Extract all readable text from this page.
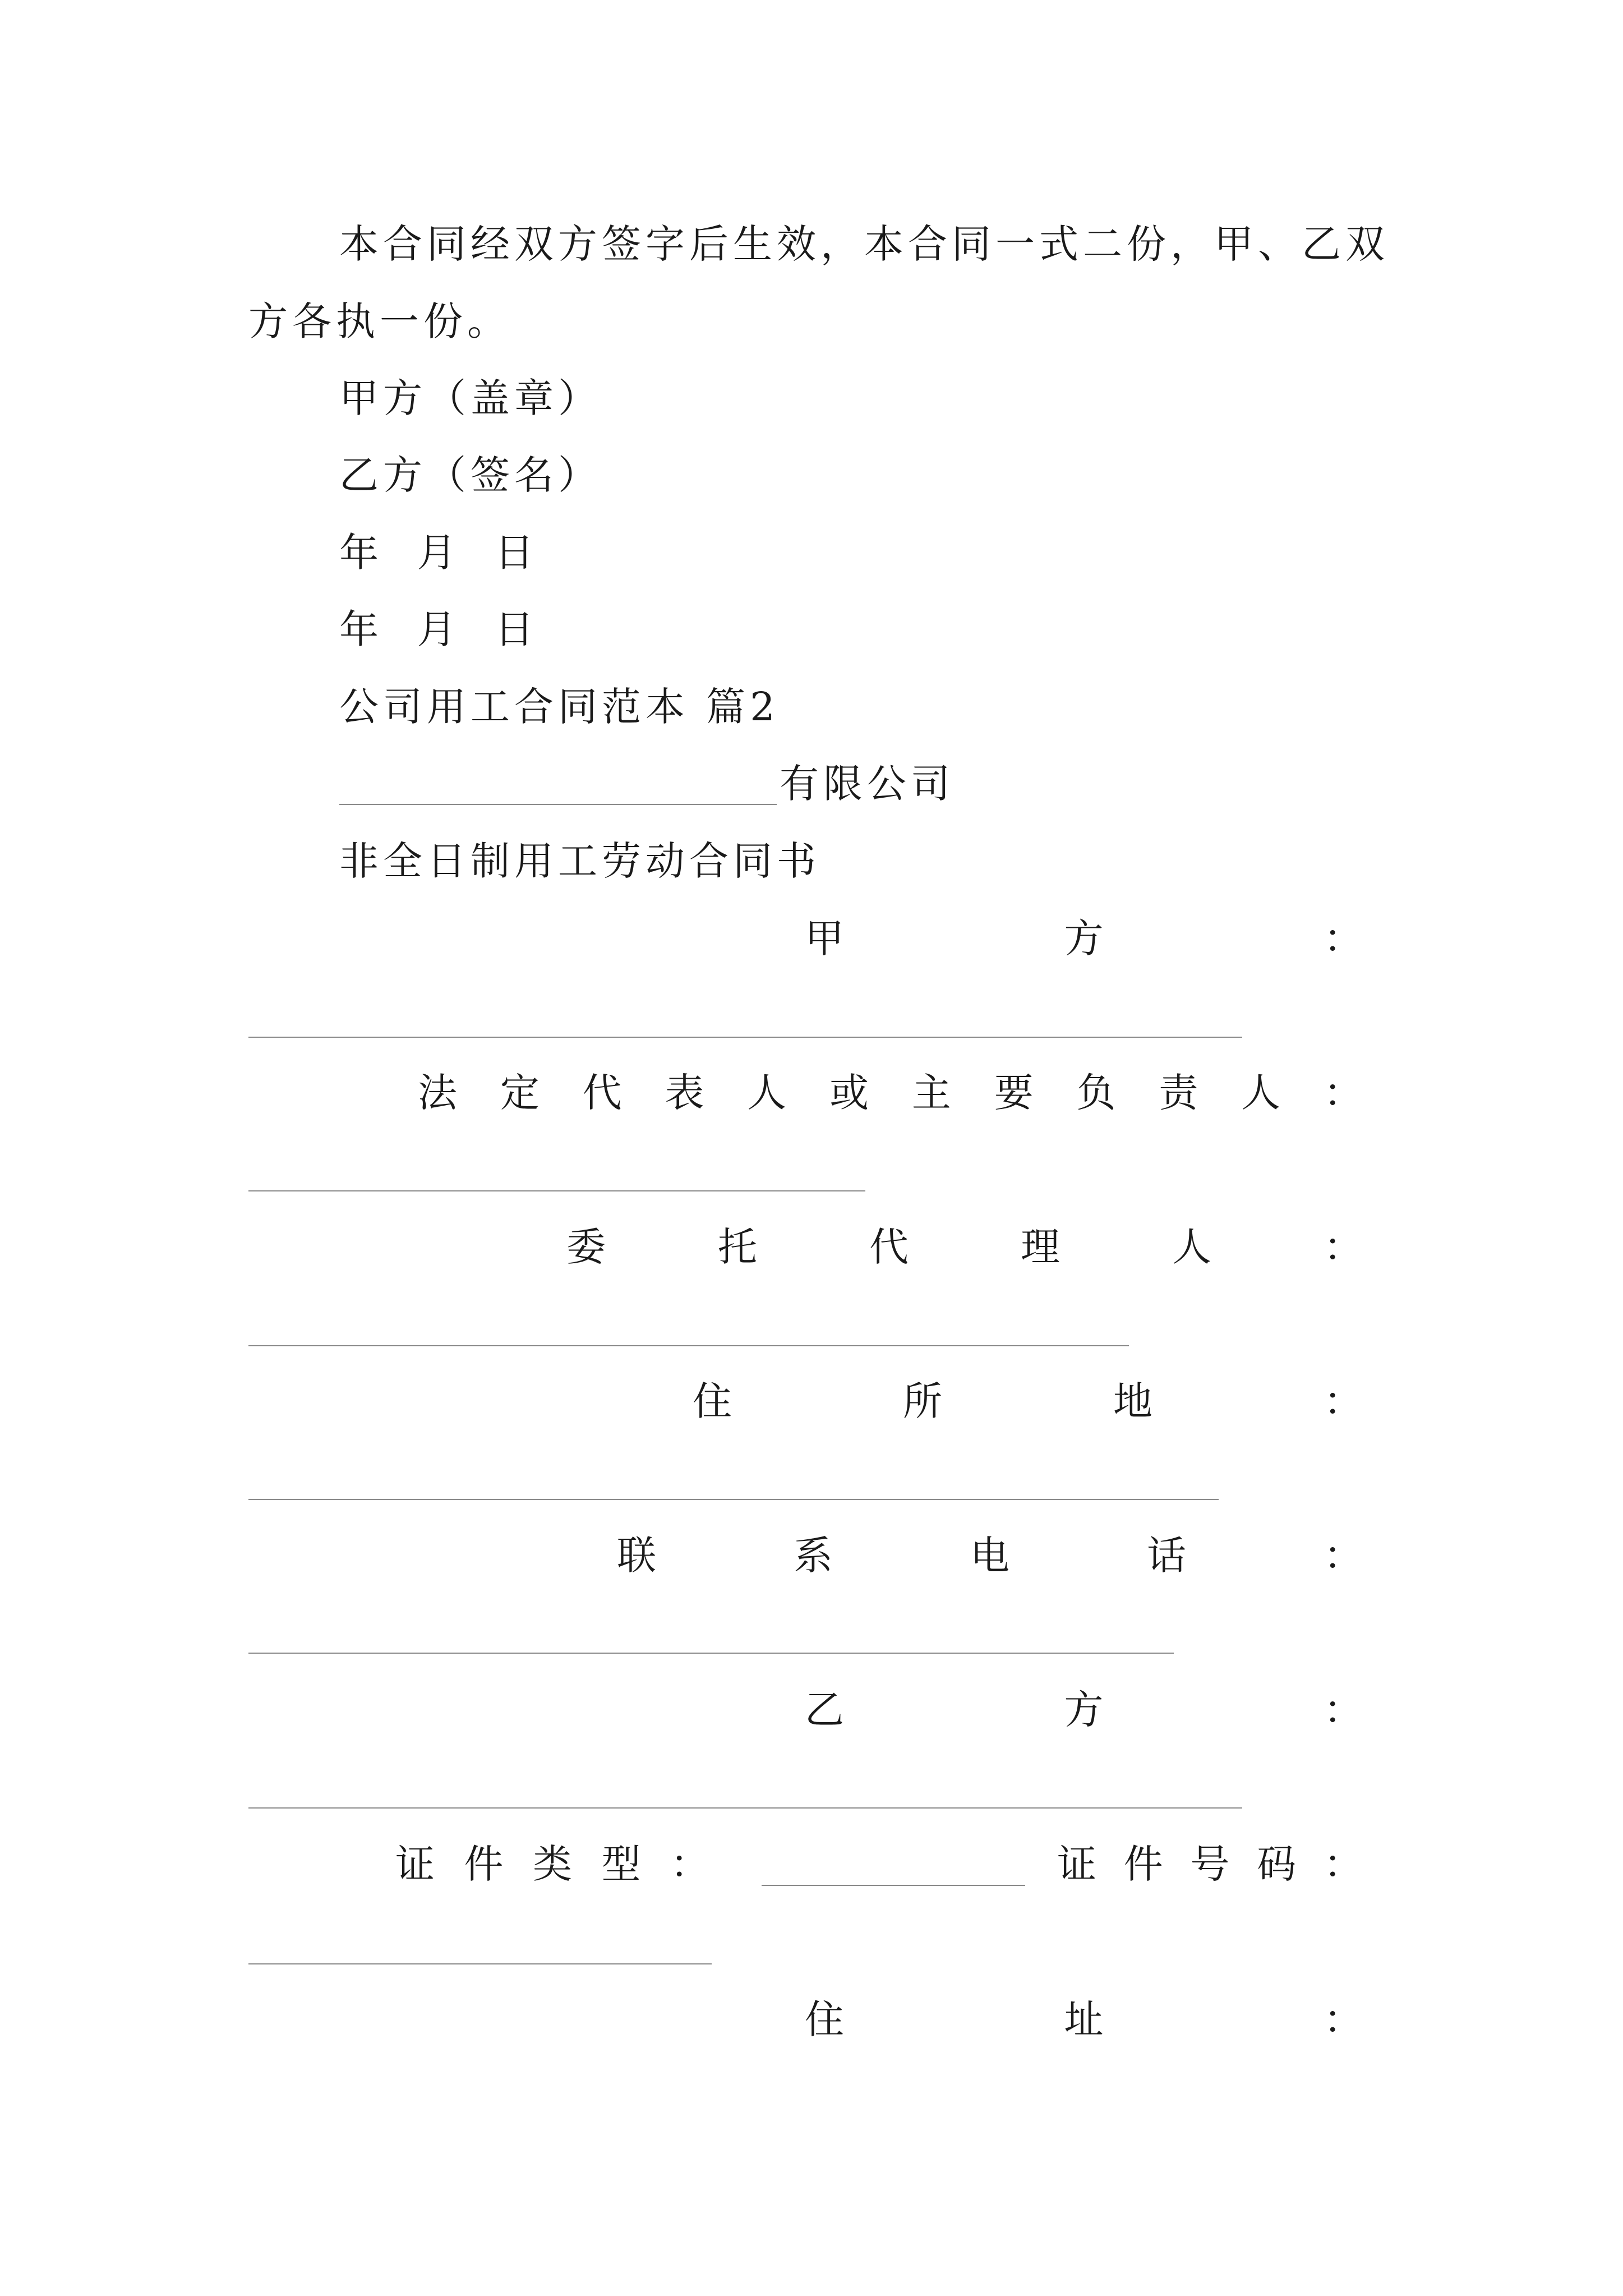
本合同经双方签字后生效，本合同一式二份，甲、乙双
方各执一份。
甲方（盖章）
乙方（签名）
年  月  日
年  月  日
公司用工合同范本 篇2
有限公司
非全日制用工劳动合同书
甲	方	：
法 定 代 表 人 或 主 要 负 责 人 ：
委	托	代	理	人	：
住	所	地	：
联	系	电	话	：
乙	方	：
证 件 类 型 ：	证 件 号 码 ：
住	址	：
